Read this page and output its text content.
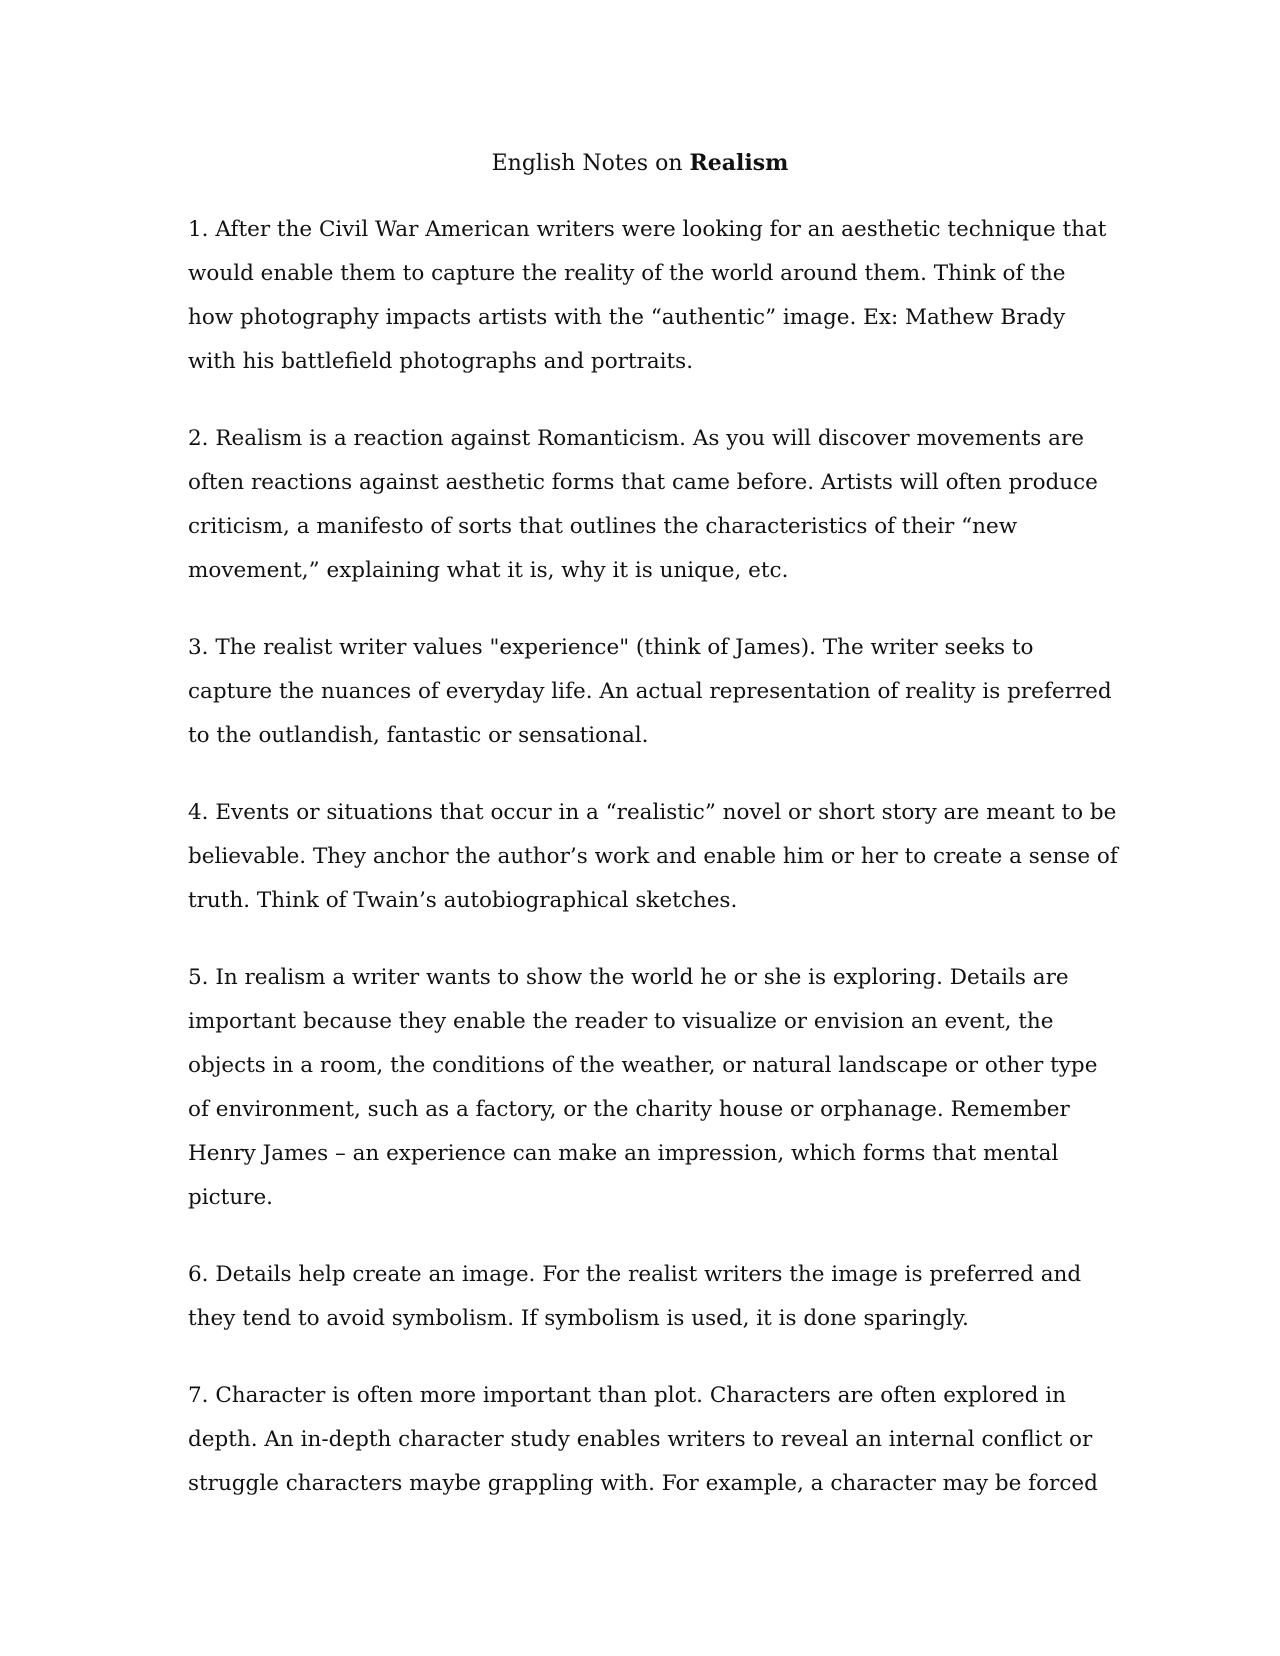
English Notes on Realism

1. After the Civil War American writers were looking for an aesthetic technique that
would enable them to capture the reality of the world around them. Think of the
how photography impacts artists with the “authentic” image. Ex: Mathew Brady
with his battlefield photographs and portraits.

2. Realism is a reaction against Romanticism. As you will discover movements are
often reactions against aesthetic forms that came before. Artists will often produce
criticism, a manifesto of sorts that outlines the characteristics of their “new
movement,” explaining what it is, why it is unique, etc.

3. The realist writer values "experience" (think of James). The writer seeks to
capture the nuances of everyday life. An actual representation of reality is preferred
to the outlandish, fantastic or sensational.

4. Events or situations that occur in a “realistic” novel or short story are meant to be
believable. They anchor the author’s work and enable him or her to create a sense of
truth. Think of Twain’s autobiographical sketches.

5. In realism a writer wants to show the world he or she is exploring. Details are
important because they enable the reader to visualize or envision an event, the
objects in a room, the conditions of the weather, or natural landscape or other type
of environment, such as a factory, or the charity house or orphanage. Remember
Henry James – an experience can make an impression, which forms that mental
picture.

6. Details help create an image. For the realist writers the image is preferred and
they tend to avoid symbolism. If symbolism is used, it is done sparingly.

7. Character is often more important than plot. Characters are often explored in
depth. An in-depth character study enables writers to reveal an internal conflict or
struggle characters maybe grappling with. For example, a character may be forced
